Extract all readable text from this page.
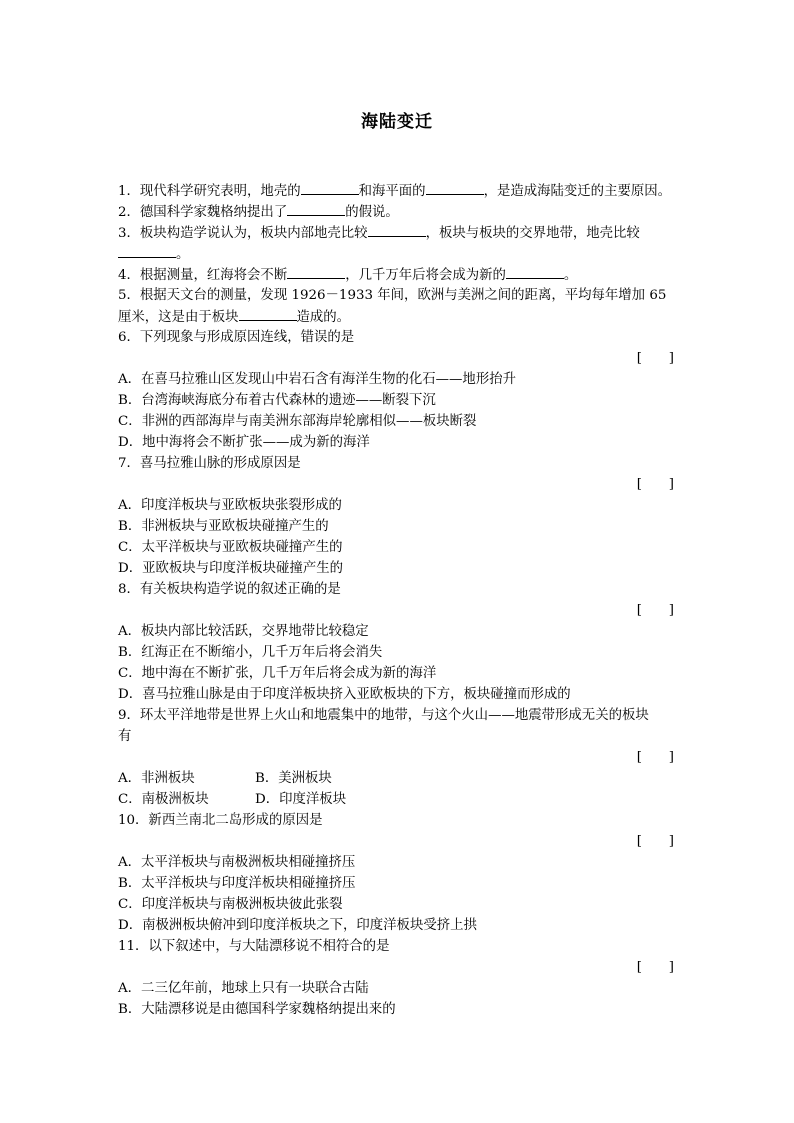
海陆变迁
1．现代科学研究表明，地壳的	和海平面的	，是造成海陆变迁的主要原因。
2．德国科学家魏格纳提出了	的假说。
3．板块构造学说认为，板块内部地壳比较	，板块与板块的交界地带，地壳比较
。
4．根据测量，红海将会不断	，几千万年后将会成为新的	。
5．根据天文台的测量，发现 1926－1933 年间，欧洲与美洲之间的距离，平均每年增加 65
厘米，这是由于板块	造成的。
6．下列现象与形成原因连线，错误的是
[　　]
A．在喜马拉雅山区发现山中岩石含有海洋生物的化石——地形抬升
B．台湾海峡海底分布着古代森林的遗迹——断裂下沉
C．非洲的西部海岸与南美洲东部海岸轮廓相似——板块断裂
D．地中海将会不断扩张——成为新的海洋
7．喜马拉雅山脉的形成原因是
[　　]
A．印度洋板块与亚欧板块张裂形成的
B．非洲板块与亚欧板块碰撞产生的
C．太平洋板块与亚欧板块碰撞产生的
D．亚欧板块与印度洋板块碰撞产生的
8．有关板块构造学说的叙述正确的是
[　　]
A．板块内部比较活跃，交界地带比较稳定
B．红海正在不断缩小，几千万年后将会消失
C．地中海在不断扩张，几千万年后将会成为新的海洋
D．喜马拉雅山脉是由于印度洋板块挤入亚欧板块的下方，板块碰撞而形成的
9．环太平洋地带是世界上火山和地震集中的地带，与这个火山——地震带形成无关的板块
有
[　　]
A．非洲板块	B．美洲板块
C．南极洲板块	D．印度洋板块
10．新西兰南北二岛形成的原因是
[　　]
A．太平洋板块与南极洲板块相碰撞挤压
B．太平洋板块与印度洋板块相碰撞挤压
C．印度洋板块与南极洲板块彼此张裂
D．南极洲板块俯冲到印度洋板块之下，印度洋板块受挤上拱
11．以下叙述中，与大陆漂移说不相符合的是
[　　]
A．二三亿年前，地球上只有一块联合古陆
B．大陆漂移说是由德国科学家魏格纳提出来的
